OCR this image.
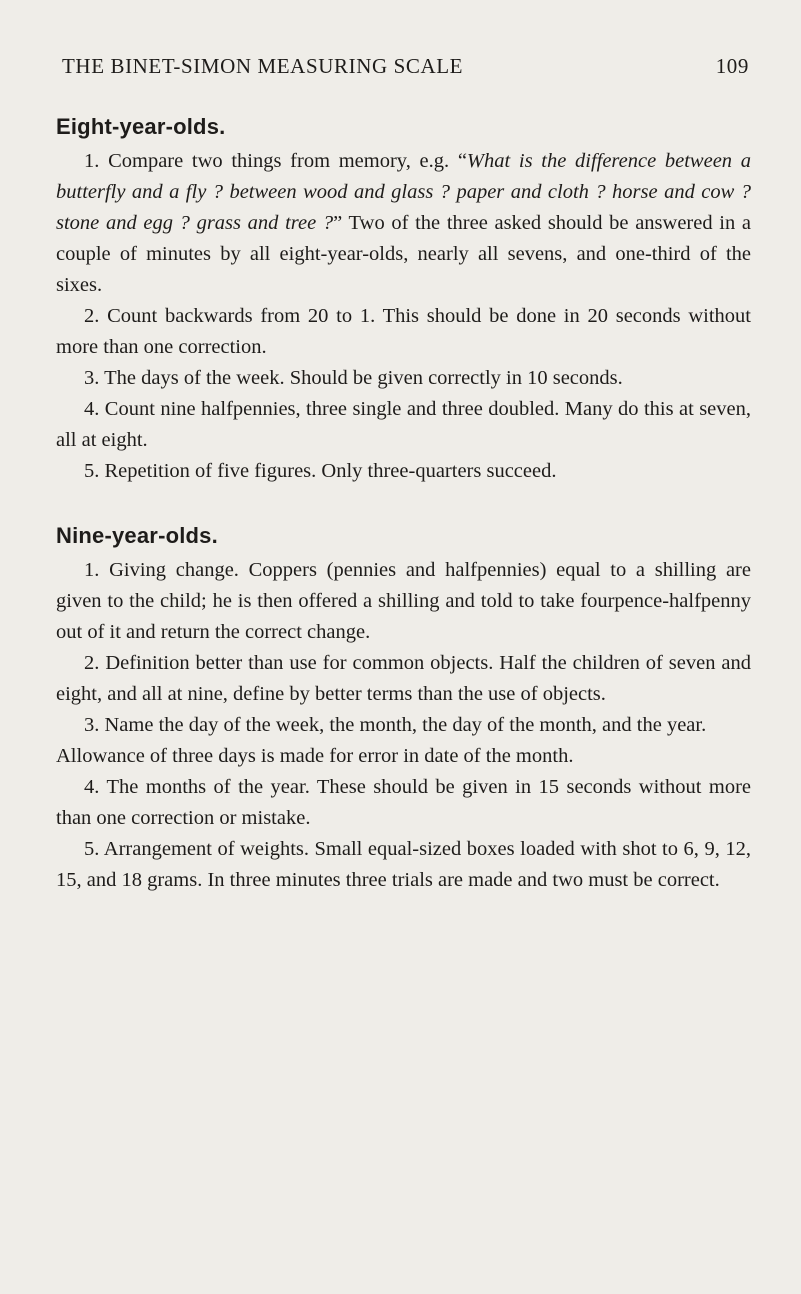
THE BINET-SIMON MEASURING SCALE	109
Eight-year-olds.

1. Compare two things from memory, e.g. “What is the difference between a butterfly and a fly ? between wood and glass ? paper and cloth ? horse and cow ? stone and egg ? grass and tree ?” Two of the three asked should be answered in a couple of minutes by all eight-year-olds, nearly all sevens, and one-third of the sixes.

2. Count backwards from 20 to 1. This should be done in 20 seconds without more than one correction.

3. The days of the week. Should be given correctly in 10 seconds.

4. Count nine halfpennies, three single and three doubled. Many do this at seven, all at eight.

5. Repetition of five figures. Only three-quarters succeed.

Nine-year-olds.

1. Giving change. Coppers (pennies and halfpennies) equal to a shilling are given to the child; he is then offered a shilling and told to take fourpence-halfpenny out of it and return the correct change.

2. Definition better than use for common objects. Half the children of seven and eight, and all at nine, define by better terms than the use of objects.

3. Name the day of the week, the month, the day of the month, and the year.

Allowance of three days is made for error in date of the month.

4. The months of the year. These should be given in 15 seconds without more than one correction or mistake.

5. Arrangement of weights. Small equal-sized boxes loaded with shot to 6, 9, 12, 15, and 18 grams. In three minutes three trials are made and two must be correct.
